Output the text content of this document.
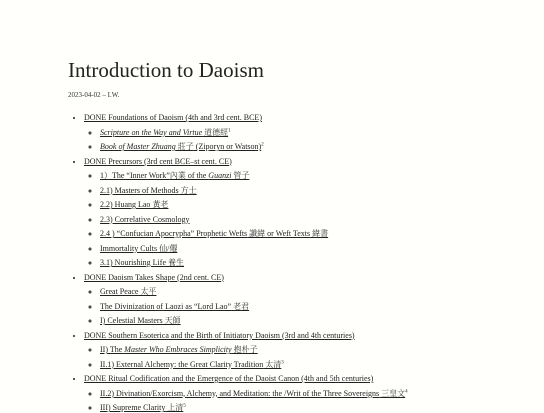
Introduction to Daoism
2023-04-02 – I.W.
• DONE Foundations of Daoism (4th and 3rd cent. BCE)
◦ Scripture on the Way and Virtue 道德經$^1$
◦ Book of Master Zhuang 莊子 (Ziporyn or Watson)$^2$
• DONE Precursors (3rd cent BCE–st cent. CE)
◦ 1）The “Inner Work”內業 of the Guanzi 管子
◦ 2.1) Masters of Methods 方士
◦ 2.2) Huang Lao 黃老
◦ 2.3) Correlative Cosmology
◦ 2.4 ) “Confucian Apocrypha” Prophetic Wefts 讖緯 or Weft Texts 緯書
◦ Immortality Cults 仙/僊
◦ 3.1) Nourishing Life 養生
• DONE Daoism Takes Shape (2nd cent. CE)
◦ Great Peace 太平
◦ The Divinization of Laozi as “Lord Lao” 老君
◦ I) Celestial Masters 天師
• DONE Southern Esoterica and the Birth of Initiatory Daoism (3rd and 4th centuries)
◦ II) The Master Who Embraces Simplicity 抱朴子
◦ II.1) External Alchemy: the Great Clarity Tradition 太清$^3$
• DONE Ritual Codification and the Emergence of the Daoist Canon (4th and 5th centuries)
◦ II.2) Divination/Exorcism, Alchemy, and Meditation: the /Writ of the Three Sovereigns 三皇文$^4$
◦ III) Supreme Clarity 上清$^5$
